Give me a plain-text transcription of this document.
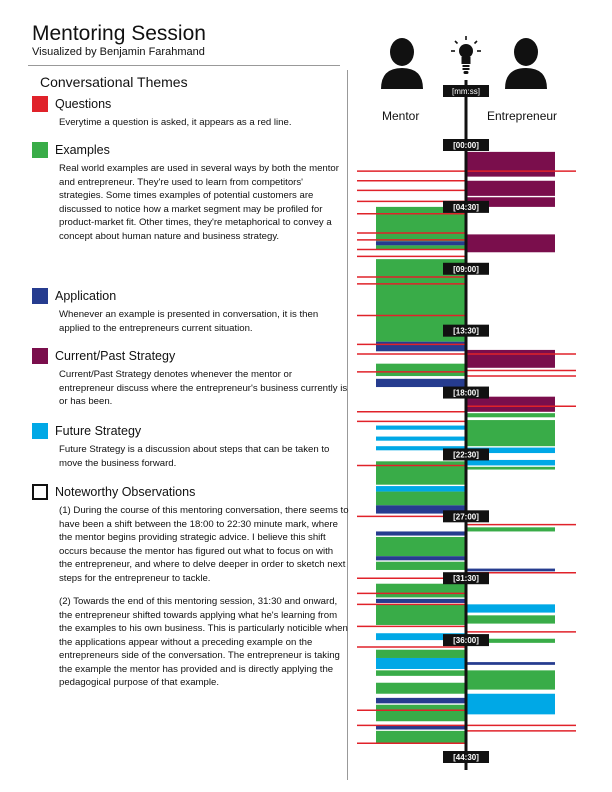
Mentoring Session
Visualized by Benjamin Farahmand
Conversational Themes
Questions

Everytime a question is asked, it appears as a red line.

Examples

Real world examples are used in several ways by both the mentor and entrepreneur. They're used to learn from competitors' strategies. Some times examples of potential customers are discussed to notice how a market segment may be profiled for product-market fit. Other times, they're metaphorical to convey a concept about human nature and business strategy.

Application

Whenever an example is presented in conversation, it is then applied to the entrepreneurs current situation.

Current/Past Strategy

Current/Past Strategy denotes whenever the mentor or entrepreneur discuss where the entrepreneur's business currently is or has been.

Future Strategy

Future Strategy is a discussion about steps that can be taken to move the business forward.

Noteworthy Observations

(1) During the course of this mentoring conversation, there seems to have been a shift between the 18:00 to 22:30 minute mark, where the mentor begins providing strategic advice. I believe this shift occurs because the mentor has figured out what to focus on with the entrepreneur, and where to delve deeper in order to sketch next steps for the entrepreneur to tackle.

(2) Towards the end of this mentoring session, 31:30 and onward, the entrepreneur shifted towards applying what he's learning from the examples to his own business. This is particularly noticible when the applications appear without a preceding example on the entrepreneurs side of the conversation. The entrepreneur is taking the example the mentor has provided and is directly applying the pedagogical purpose of that example.

Mentor	Entrepreneur
[mm:ss]
[00:00]
[04:30]
[09:00]
[13:30]
[18:00]
[22:30]
[27:00]
[31:30]
[36:00]
[44:30]
